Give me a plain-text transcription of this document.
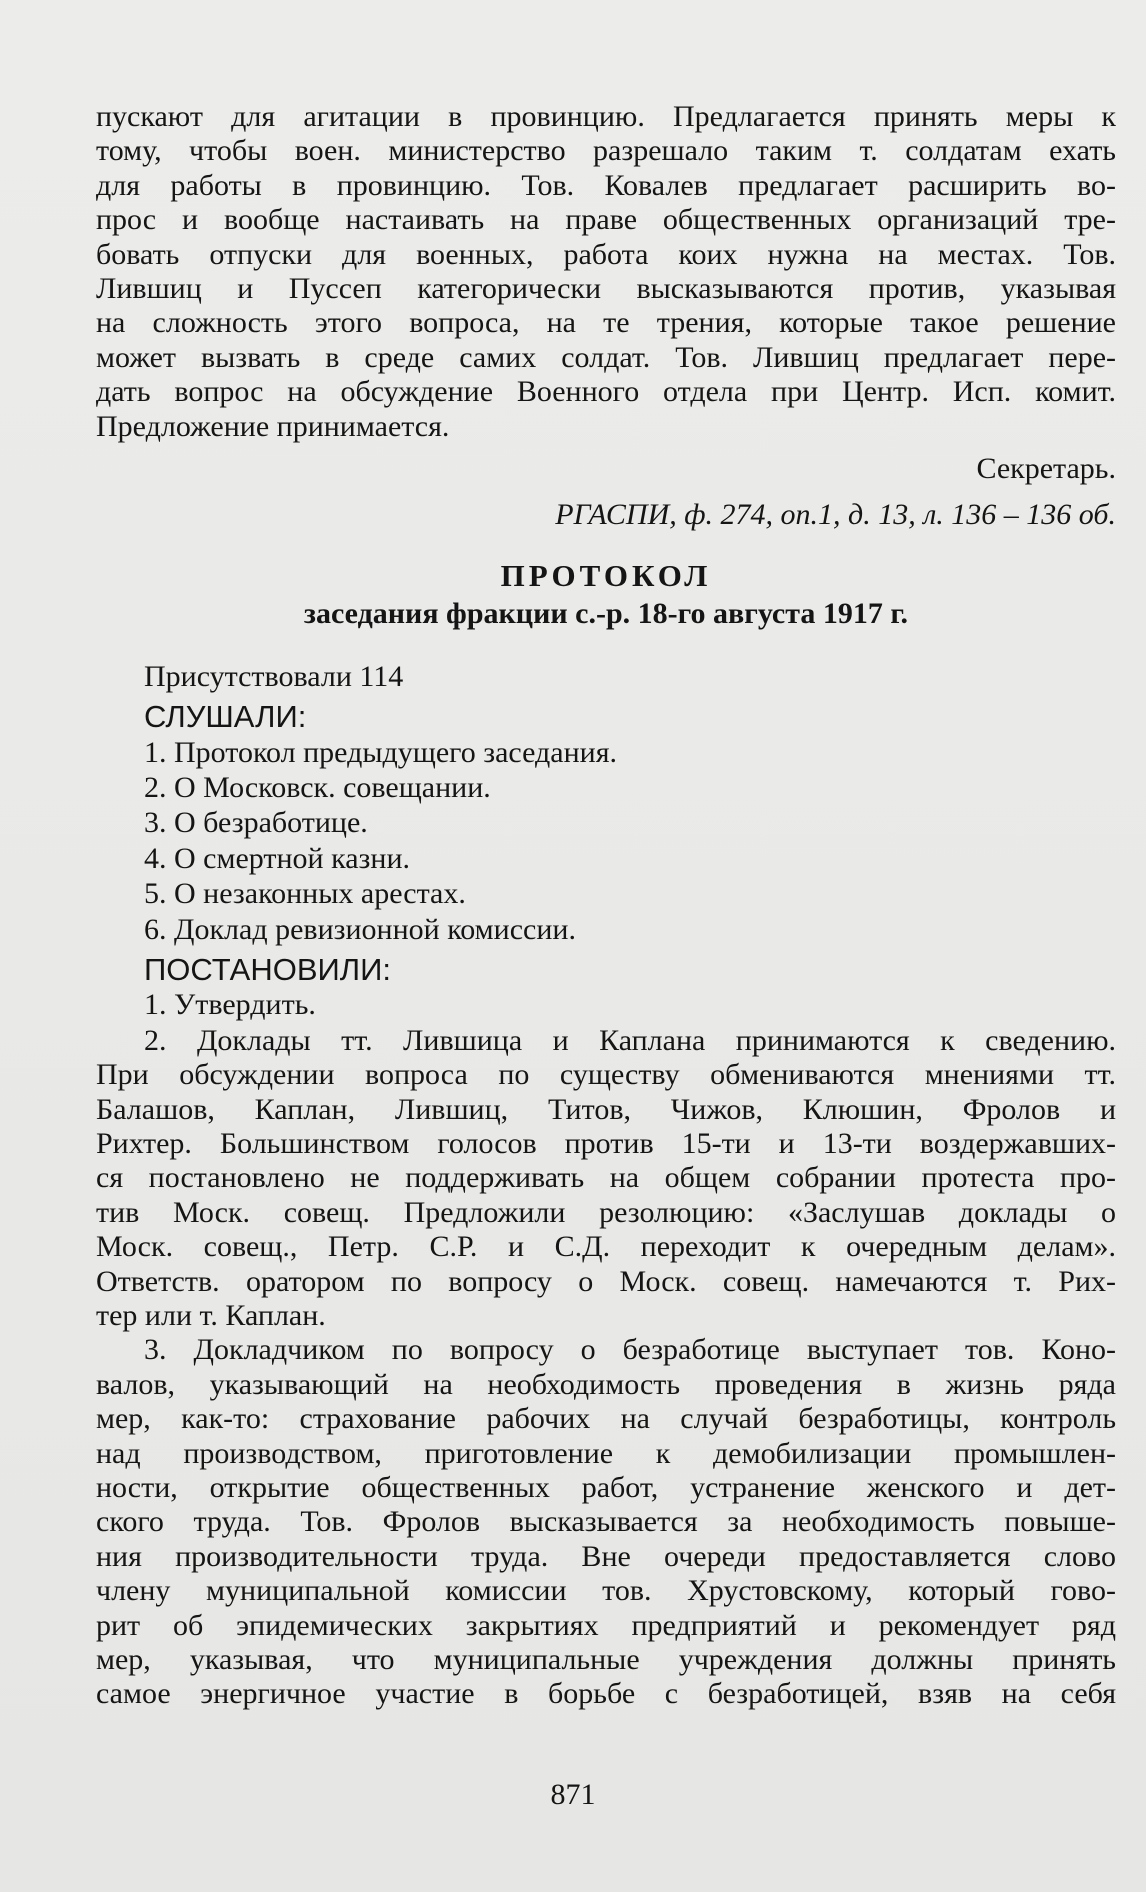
пускают для агитации в провинцию. Предлагается принять меры к

тому, чтобы воен. министерство разрешало таким т. солдатам ехать

для работы в провинцию. Тов. Ковалев предлагает расширить во-

прос и вообще настаивать на праве общественных организаций тре-

бовать отпуски для военных, работа коих нужна на местах. Тов.

Лившиц и Пуссеп категорически высказываются против, указывая

на сложность этого вопроса, на те трения, которые такое решение

может вызвать в среде самих солдат. Тов. Лившиц предлагает пере-

дать вопрос на обсуждение Военного отдела при Центр. Исп. комит.

Предложение принимается.

Секретарь.

РГАСПИ, ф. 274, оп.1, д. 13, л. 136 – 136 об.

ПРОТОКОЛ
заседания фракции с.-р. 18-го августа 1917 г.
Присутствовали 114
СЛУШАЛИ:
1. Протокол предыдущего заседания.
2. О Московск. совещании.
3. О безработице.
4. О смертной казни.
5. О незаконных арестах.
6. Доклад ревизионной комиссии.
ПОСТАНОВИЛИ:
1. Утвердить.

2. Доклады тт. Лившица и Каплана принимаются к сведению.

При обсуждении вопроса по существу обмениваются мнениями тт.

Балашов, Каплан, Лившиц, Титов, Чижов, Клюшин, Фролов и

Рихтер. Большинством голосов против 15-ти и 13-ти воздержавших-

ся постановлено не поддерживать на общем собрании протеста про-

тив Моск. совещ. Предложили резолюцию: «Заслушав доклады о

Моск. совещ., Петр. С.Р. и С.Д. переходит к очередным делам».

Ответств. оратором по вопросу о Моск. совещ. намечаются т. Рих-

тер или т. Каплан.

3. Докладчиком по вопросу о безработице выступает тов. Коно-

валов, указывающий на необходимость проведения в жизнь ряда

мер, как-то: страхование рабочих на случай безработицы, контроль

над производством, приготовление к демобилизации промышлен-

ности, открытие общественных работ, устранение женского и дет-

ского труда. Тов. Фролов высказывается за необходимость повыше-

ния производительности труда. Вне очереди предоставляется слово

члену муниципальной комиссии тов. Хрустовскому, который гово-

рит об эпидемических закрытиях предприятий и рекомендует ряд

мер, указывая, что муниципальные учреждения должны принять

самое энергичное участие в борьбе с безработицей, взяв на себя

871
